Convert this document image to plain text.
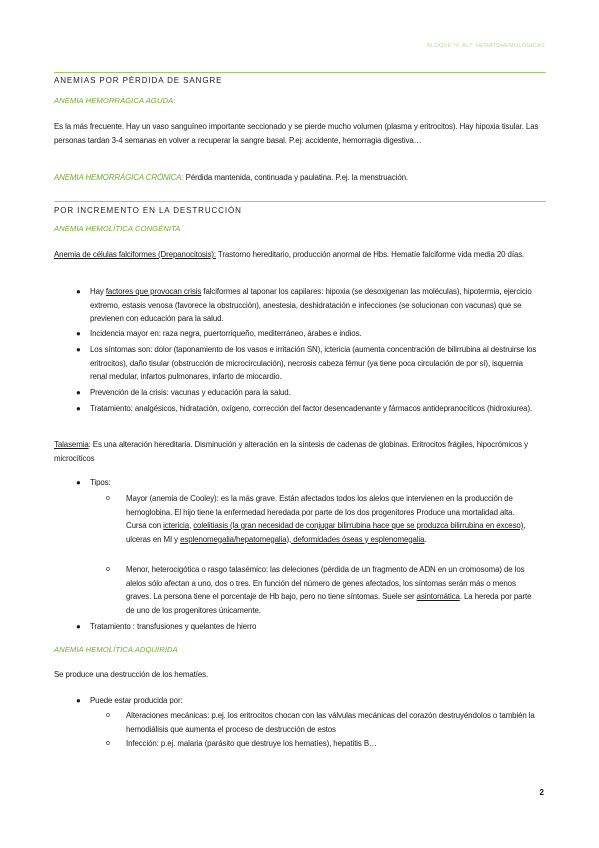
BLOQUE IV. ALT. HEMATOHEMOLÓGICAS
ANEMIAS POR PÉRDIDA DE SANGRE
ANEMIA HEMORRÁGICA AGUDA:

Es la más frecuente. Hay un vaso sanguíneo importante seccionado y se pierde mucho volumen (plasma y eritrocitos). Hay hipoxia tisular. Las personas tardan 3-4 semanas en volver a recuperar la sangre basal. P.ej: accidente, hemorragia digestiva…

ANEMIA HEMORRÁGICA CRÓNICA: Pérdida mantenida, continuada y paulatina. P.ej. la menstruación.

POR INCREMENTO EN LA DESTRUCCIÓN
ANEMIA HEMOLÍTICA CONGÉNITA

Anemia de células falciformes (Drepanocitosis): Trastorno hereditario, producción anormal de Hbs. Hematíe falciforme vida media 20 días.

● Hay factores que provocan crisis falciformes al taponar los capilares: hipoxia (se desoxigenan las moléculas), hipotermia, ejercicio extremo, estasis venosa (favorece la obstrucción), anestesia, deshidratación e infecciones (se solucionan con vacunas) que se previenen con educación para la salud.

● Incidencia mayor en: raza negra, puertorriqueño, mediterráneo, árabes e indios.

● Los síntomas son: dolor (taponamiento de los vasos e irritación SN), ictericia (aumenta concentración de bilirrubina al destruirse los eritrocitos), daño tisular (obstrucción de microcirculación), necrosis cabeza fémur (ya tiene poca circulación de por sí), isquemia renal medular, infartos pulmonares, infarto de miocardio.

● Prevención de la crisis: vacunas y educación para la salud.

● Tratamiento: analgésicos, hidratación, oxígeno, corrección del factor desencadenante y fármacos antidepranocíticos (hidroxiurea).

Talasemia: Es una alteración hereditaria. Disminución y alteración en la síntesis de cadenas de globinas. Eritrocitos frágiles, hipocrómicos y microcíticos

● Tipos:

o Mayor (anemia de Cooley): es la más grave. Están afectados todos los alelos que intervienen en la producción de hemoglobina. El hijo tiene la enfermedad heredada por parte de los dos progenitores Produce una mortalidad alta. Cursa con ictericia, colelitiasis (la gran necesidad de conjugar bilirrubina hace que se produzca bilirrubina en exceso), ulceras en MI y esplenomegalia/hepatomegalia), deformidades óseas y esplenomegalia.

o Menor, heterocigótica o rasgo talasémico: las deleciones (pérdida de un fragmento de ADN en un cromosoma) de los alelos sólo afectan a uno, dos o tres. En función del número de genes afectados, los síntomas serán más o menos graves. La persona tiene el porcentaje de Hb bajo, pero no tiene síntomas. Suele ser asintomática. La hereda por parte de uno de los progenitores únicamente.

● Tratamiento : transfusiones y quelantes de hierro

ANEMIA HEMOLÍTICA ADQUIRIDA

Se produce una destrucción de los hematíes.

● Puede estar producida por:

o Alteraciones mecánicas: p.ej. los eritrocitos chocan con las válvulas mecánicas del corazón destruyéndolos o también la hemodiálisis que aumenta el proceso de destrucción de estos

o Infección: p.ej. malaria (parásito que destruye los hematíes), hepatitis B…

2
